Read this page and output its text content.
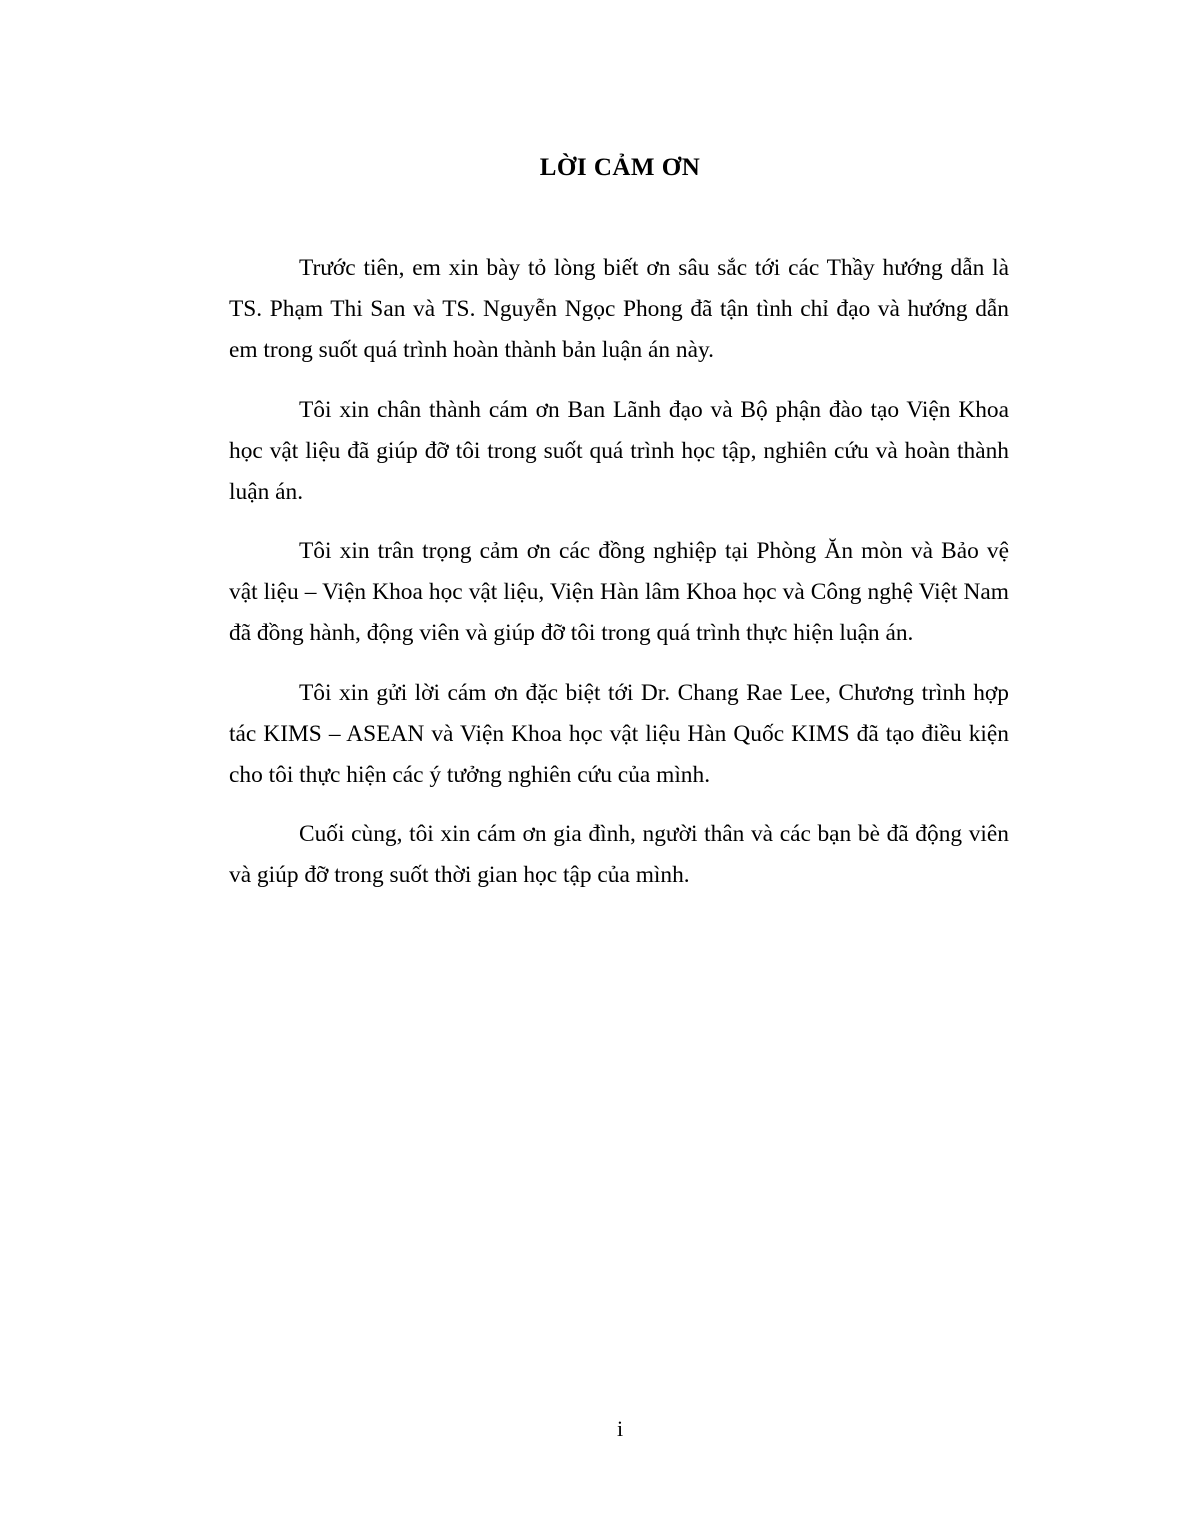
LỜI CẢM ƠN

Trước tiên, em xin bày tỏ lòng biết ơn sâu sắc tới các Thầy hướng dẫn là TS. Phạm Thi San và TS. Nguyễn Ngọc Phong đã tận tình chỉ đạo và hướng dẫn em trong suốt quá trình hoàn thành bản luận án này.

Tôi xin chân thành cám ơn Ban Lãnh đạo và Bộ phận đào tạo Viện Khoa học vật liệu đã giúp đỡ tôi trong suốt quá trình học tập, nghiên cứu và hoàn thành luận án.

Tôi xin trân trọng cảm ơn các đồng nghiệp tại Phòng Ăn mòn và Bảo vệ vật liệu – Viện Khoa học vật liệu, Viện Hàn lâm Khoa học và Công nghệ Việt Nam đã đồng hành, động viên và giúp đỡ tôi trong quá trình thực hiện luận án.

Tôi xin gửi lời cám ơn đặc biệt tới Dr. Chang Rae Lee, Chương trình hợp tác KIMS – ASEAN và Viện Khoa học vật liệu Hàn Quốc KIMS đã tạo điều kiện cho tôi thực hiện các ý tưởng nghiên cứu của mình.

Cuối cùng, tôi xin cám ơn gia đình, người thân và các bạn bè đã động viên và giúp đỡ trong suốt thời gian học tập của mình.

i
